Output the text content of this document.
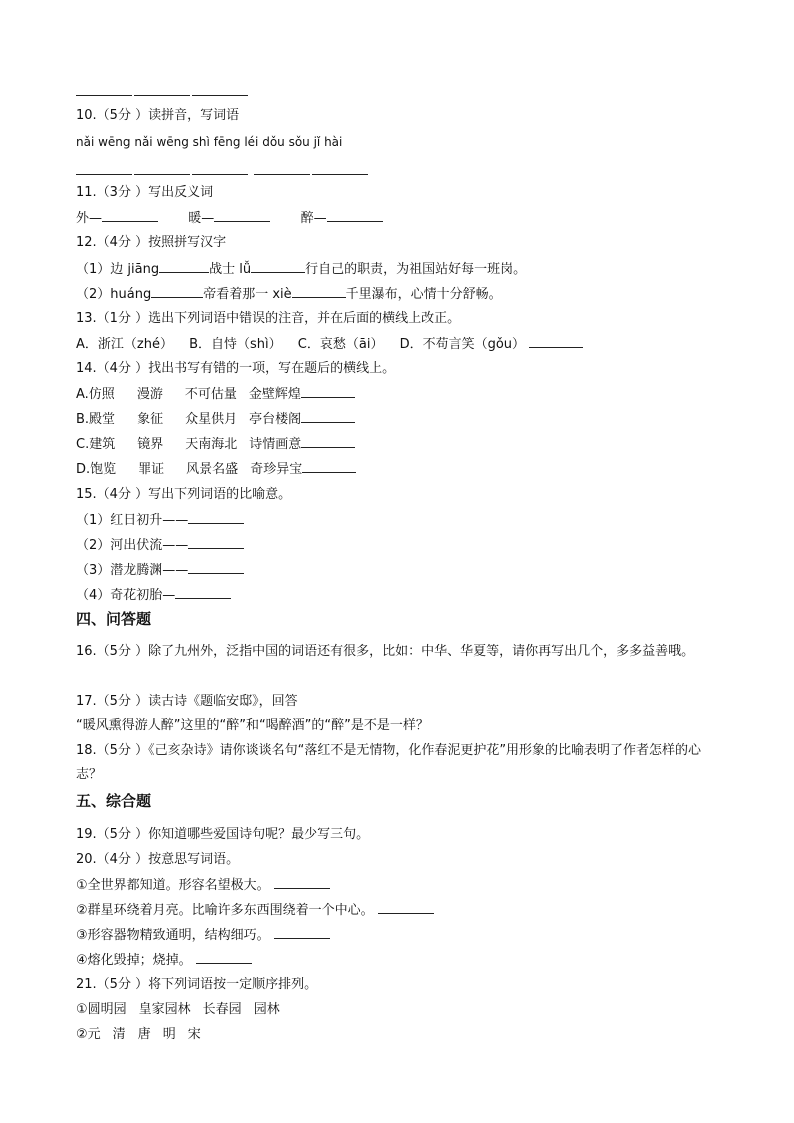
10.（5分 ）读拼音，写词语
nǎi wēng nǎi wēng shì fēng léi dǒu sǒu jǐ hài
11.（3分 ）写出反义词
外—	暖—	醉—
12.（4分 ）按照拼写汉字
（1）边 jiāng	战士 lǚ	行自己的职责，为祖国站好每一班岗。
（2）huáng	帝看着那一 xiè	千里瀑布，心情十分舒畅。
13.（1分 ）选出下列词语中错误的注音，并在后面的横线上改正。
A．浙江（zhé） B．自恃（shì） C．哀愁（āi） D．不苟言笑（gǒu）
14.（4分 ）找出书写有错的一项，写在题后的横线上。
A.仿照 漫游 不可估量 金壁辉煌
B.殿堂 象征 众星供月 亭台楼阁
C.建筑 镜界 天南海北 诗情画意
D.饱览 罪证 风景名盛 奇珍异宝
15.（4分 ）写出下列词语的比喻意。
（1）红日初升——
（2）河出伏流——
（3）潜龙腾渊——
（4）奇花初胎—
四、问答题
16.（5分 ）除了九州外，泛指中国的词语还有很多，比如：中华、华夏等，请你再写出几个，多多益善哦。
17.（5分 ）读古诗《题临安邸》，回答
“暖风熏得游人醉”这里的“醉”和“喝醉酒”的“醉”是不是一样？
18.（5分 ）《己亥杂诗》请你谈谈名句“落红不是无情物，化作春泥更护花”用形象的比喻表明了作者怎样的心志？
五、综合题
19.（5分 ）你知道哪些爱国诗句呢？最少写三句。
20.（4分 ）按意思写词语。
①全世界都知道。形容名望极大。
②群星环绕着月亮。比喻许多东西围绕着一个中心。
③形容器物精致通明，结构细巧。
④熔化毁掉；烧掉。
21.（5分 ）将下列词语按一定顺序排列。
①圆明园 皇家园林 长春园 园林
②元 清 唐 明 宋
